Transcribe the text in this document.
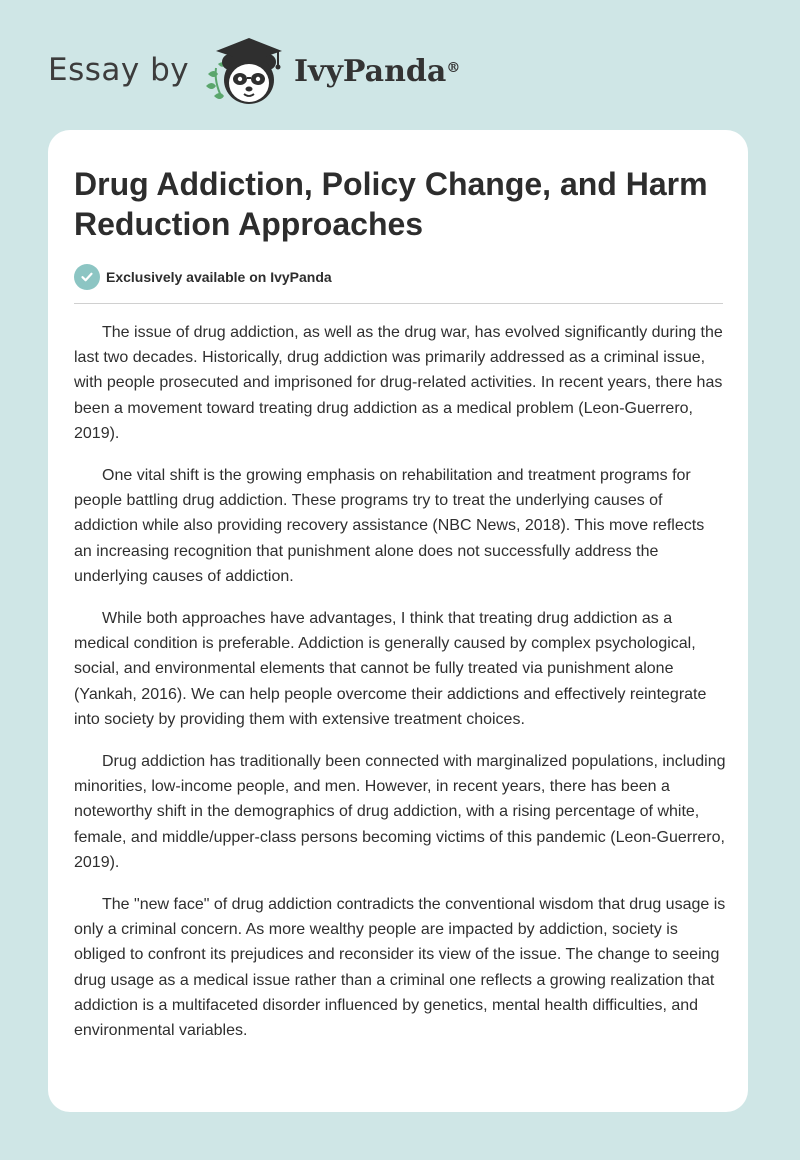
Essay by	IvyPanda®
Drug Addiction, Policy Change, and Harm Reduction Approaches
Exclusively available on IvyPanda

The issue of drug addiction, as well as the drug war, has evolved significantly during the last two decades. Historically, drug addiction was primarily addressed as a criminal issue, with people prosecuted and imprisoned for drug-related activities. In recent years, there has been a movement toward treating drug addiction as a medical problem (Leon-Guerrero, 2019).

One vital shift is the growing emphasis on rehabilitation and treatment programs for people battling drug addiction. These programs try to treat the underlying causes of addiction while also providing recovery assistance (NBC News, 2018). This move reflects an increasing recognition that punishment alone does not successfully address the underlying causes of addiction.

While both approaches have advantages, I think that treating drug addiction as a medical condition is preferable. Addiction is generally caused by complex psychological, social, and environmental elements that cannot be fully treated via punishment alone (Yankah, 2016). We can help people overcome their addictions and effectively reintegrate into society by providing them with extensive treatment choices.

Drug addiction has traditionally been connected with marginalized populations, including minorities, low-income people, and men. However, in recent years, there has been a noteworthy shift in the demographics of drug addiction, with a rising percentage of white, female, and middle/upper-class persons becoming victims of this pandemic (Leon-Guerrero, 2019).

The "new face" of drug addiction contradicts the conventional wisdom that drug usage is only a criminal concern. As more wealthy people are impacted by addiction, society is obliged to confront its prejudices and reconsider its view of the issue. The change to seeing drug usage as a medical issue rather than a criminal one reflects a growing realization that addiction is a multifaceted disorder influenced by genetics, mental health difficulties, and environmental variables.
